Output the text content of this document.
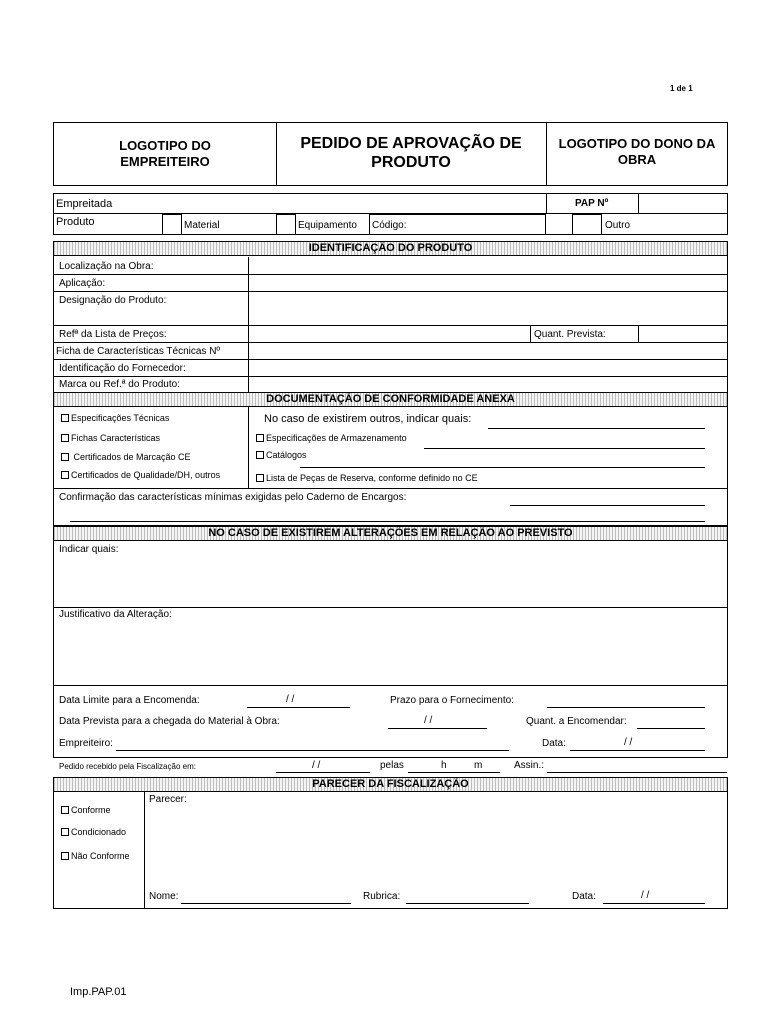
1 de 1
LOGOTIPO DO EMPREITEIRO
PEDIDO DE APROVAÇÃO DE PRODUTO
LOGOTIPO DO DONO DA OBRA
Empreitada	PAP Nº
Produto	Material	Equipamento Código:	Outro
IDENTIFICAÇÃO DO PRODUTO
Localização na Obra:
Aplicação:
Designação do Produto:
Refª da Lista de Preços:	Quant. Prevista:
Ficha de Características Técnicas Nº
Identificação do Fornecedor:
Marca ou Ref.ª do Produto:
DOCUMENTAÇÃO DE CONFORMIDADE ANEXA
Especificações Técnicas
Fichas Características
Certificados de Marcação CE
Certificados de Qualidade/DH, outros
No caso de existirem outros, indicar quais:
Especificações de Armazenamento
Catálogos
Lista de Peças de Reserva, conforme definido no CE
Confirmação das características mínimas exigidas pelo Caderno de Encargos:
NO CASO DE EXISTIREM ALTERAÇÕES EM RELAÇÃO AO PREVISTO
Indicar quais:
Justificativo da Alteração:
Data Limite para a Encomenda:	/ /	Prazo para o Fornecimento:
Data Prevista para a chegada do Material à Obra:	/ /	Quant. a Encomendar:
Empreiteiro:	Data:	/ /
Pedido recebido pela Fiscalização em:	/ /	pelas	h	m	Assin.:
PARECER DA FISCALIZAÇÃO
Parecer:
Conforme
Condicionado
Não Conforme
Nome:	Rubrica:	Data:	/ /
Imp.PAP.01
